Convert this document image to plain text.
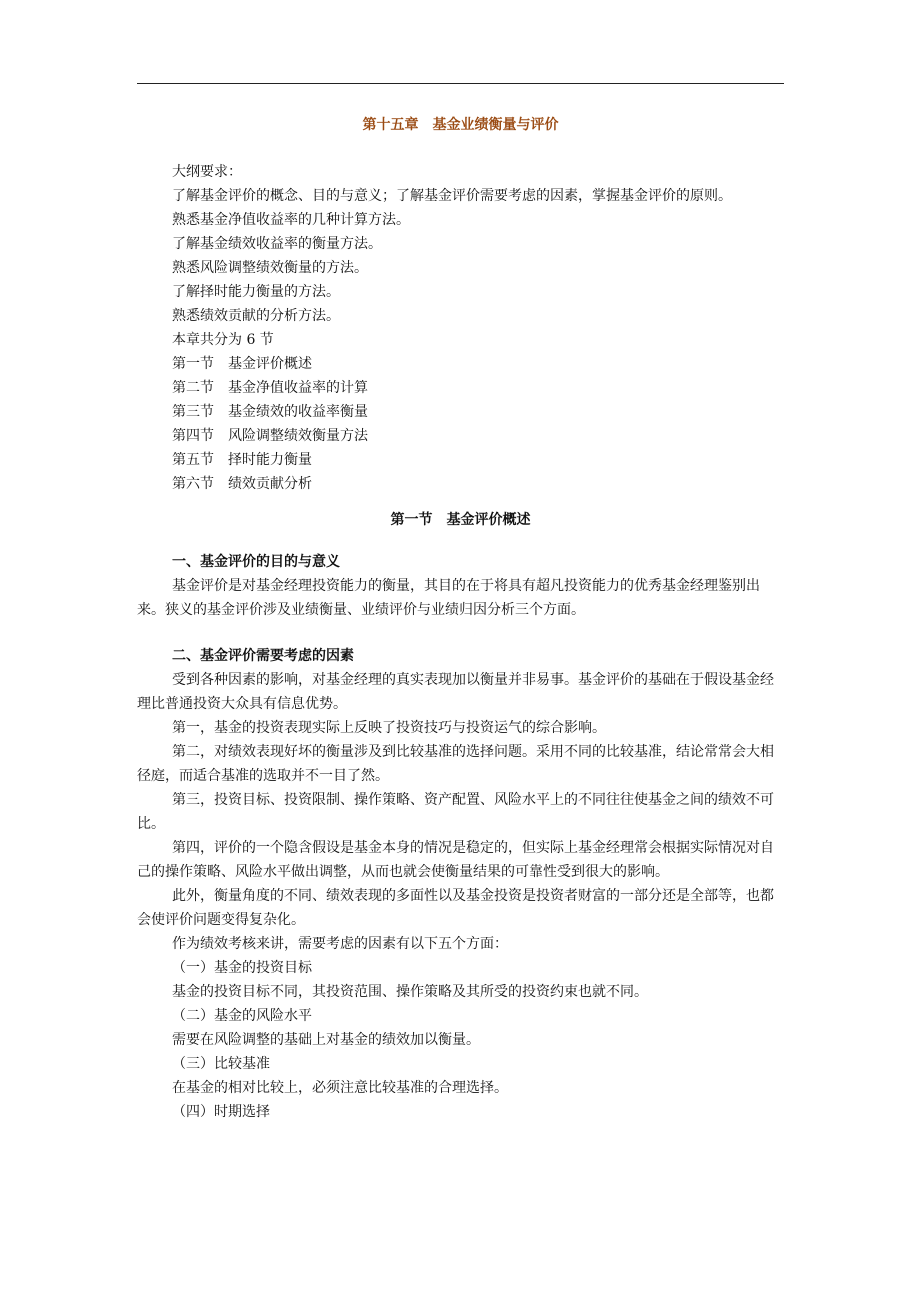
第十五章　基金业绩衡量与评价

大纲要求：

了解基金评价的概念、目的与意义；了解基金评价需要考虑的因素，掌握基金评价的原则。

熟悉基金净值收益率的几种计算方法。

了解基金绩效收益率的衡量方法。

熟悉风险调整绩效衡量的方法。

了解择时能力衡量的方法。

熟悉绩效贡献的分析方法。

本章共分为 6 节

第一节　基金评价概述

第二节　基金净值收益率的计算

第三节　基金绩效的收益率衡量

第四节　风险调整绩效衡量方法

第五节　择时能力衡量

第六节　绩效贡献分析

第一节　基金评价概述

一、基金评价的目的与意义

基金评价是对基金经理投资能力的衡量，其目的在于将具有超凡投资能力的优秀基金经理鉴别出来。狭义的基金评价涉及业绩衡量、业绩评价与业绩归因分析三个方面。

二、基金评价需要考虑的因素

受到各种因素的影响，对基金经理的真实表现加以衡量并非易事。基金评价的基础在于假设基金经理比普通投资大众具有信息优势。

第一，基金的投资表现实际上反映了投资技巧与投资运气的综合影响。

第二，对绩效表现好坏的衡量涉及到比较基准的选择问题。采用不同的比较基准，结论常常会大相径庭，而适合基准的选取并不一目了然。

第三，投资目标、投资限制、操作策略、资产配置、风险水平上的不同往往使基金之间的绩效不可比。

第四，评价的一个隐含假设是基金本身的情况是稳定的，但实际上基金经理常会根据实际情况对自己的操作策略、风险水平做出调整，从而也就会使衡量结果的可靠性受到很大的影响。

此外，衡量角度的不同、绩效表现的多面性以及基金投资是投资者财富的一部分还是全部等，也都会使评价问题变得复杂化。

作为绩效考核来讲，需要考虑的因素有以下五个方面：

（一）基金的投资目标

基金的投资目标不同，其投资范围、操作策略及其所受的投资约束也就不同。

（二）基金的风险水平

需要在风险调整的基础上对基金的绩效加以衡量。

（三）比较基准

在基金的相对比较上，必须注意比较基准的合理选择。

（四）时期选择
